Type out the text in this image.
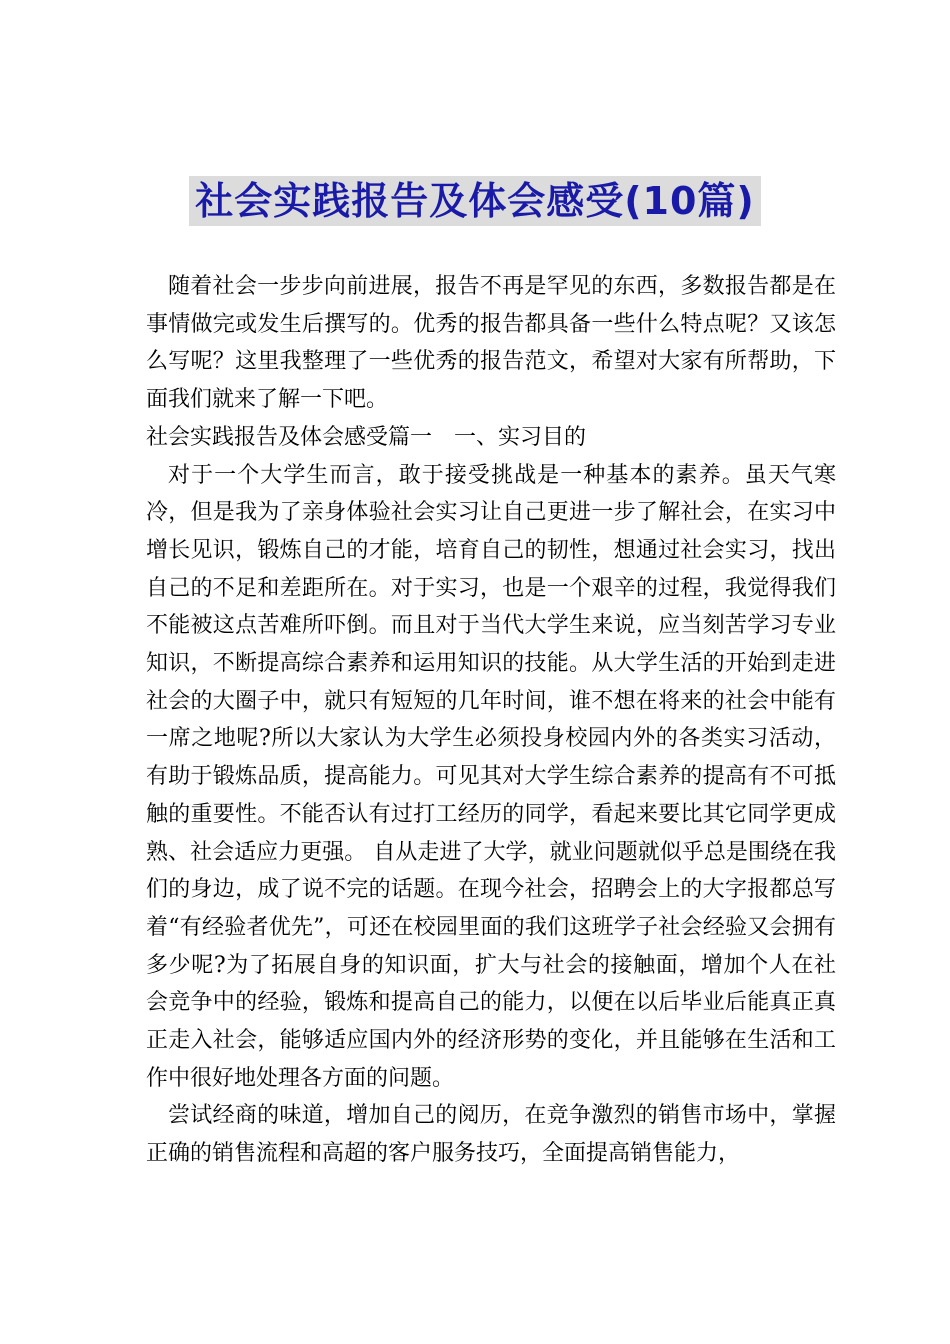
社会实践报告及体会感受(10篇)

随着社会一步步向前进展，报告不再是罕见的东西，多数报告都是在事情做完或发生后撰写的。优秀的报告都具备一些什么特点呢？又该怎么写呢？这里我整理了一些优秀的报告范文，希望对大家有所帮助，下面我们就来了解一下吧。

社会实践报告及体会感受篇一　一、实习目的

对于一个大学生而言，敢于接受挑战是一种基本的素养。虽天气寒冷，但是我为了亲身体验社会实习让自己更进一步了解社会，在实习中增长见识，锻炼自己的才能，培育自己的韧性，想通过社会实习，找出自己的不足和差距所在。对于实习，也是一个艰辛的过程，我觉得我们不能被这点苦难所吓倒。而且对于当代大学生来说，应当刻苦学习专业知识，不断提高综合素养和运用知识的技能。从大学生活的开始到走进社会的大圈子中，就只有短短的几年时间，谁不想在将来的社会中能有一席之地呢?所以大家认为大学生必须投身校园内外的各类实习活动，有助于锻炼品质，提高能力。可见其对大学生综合素养的提高有不可抵触的重要性。不能否认有过打工经历的同学，看起来要比其它同学更成熟、社会适应力更强。 自从走进了大学，就业问题就似乎总是围绕在我们的身边，成了说不完的话题。在现今社会，招聘会上的大字报都总写着“有经验者优先”，可还在校园里面的我们这班学子社会经验又会拥有多少呢?为了拓展自身的知识面，扩大与社会的接触面，增加个人在社会竞争中的经验，锻炼和提高自己的能力，以便在以后毕业后能真正真正走入社会，能够适应国内外的经济形势的变化，并且能够在生活和工作中很好地处理各方面的问题。

尝试经商的味道，增加自己的阅历，在竞争激烈的销售市场中，掌握正确的销售流程和高超的客户服务技巧，全面提高销售能力，
